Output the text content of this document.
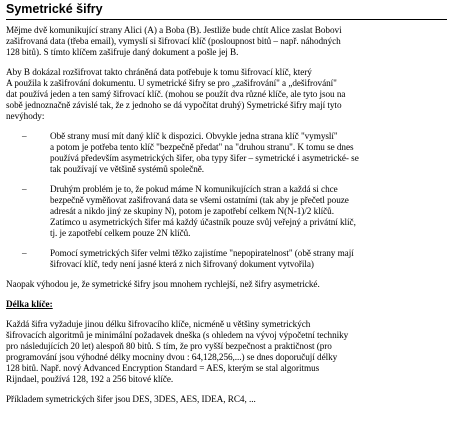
Symetrické šifry
Mějme dvě komunikující strany Alici (A) a Boba (B). Jestliže bude chtít Alice zaslat Bobovi
zašifrovaná data (třeba email), vymyslí si šifrovací klíč (posloupnost bitů – např. náhodných
128 bitů). S tímto klíčem zašifruje daný dokument a pošle jej B.
Aby B dokázal rozšifrovat takto chráněná data potřebuje k tomu šifrovací klíč, který
A použila k zašifrování dokumentu. U symetrické šifry se pro „zašifrování" a „dešifrování"
dat používá jeden a ten samý šifrovací klíč. (mohou se použít dva různé klíče, ale tyto jsou na
sobě jednoznačně závislé tak, že z jednoho se dá vypočítat druhý) Symetrické šifry mají tyto
nevýhody:
–	Obě strany musí mít daný klíč k dispozici. Obvykle jedna strana klíč "vymyslí"
a potom je potřeba tento klíč "bezpečně předat" na "druhou stranu". K tomu se dnes
používá především asymetrických šifer, oba typy šifer – symetrické i asymetrické- se
tak používají ve většině systémů společně.
–	Druhým problém je to, že pokud máme N komunikujících stran a každá si chce
bezpečně vyměňovat zašifrovaná data se všemi ostatními (tak aby je přečetl pouze
adresát a nikdo jiný ze skupiny N), potom je zapotřebí celkem N(N-1)/2 klíčů.
Zatímco u asymetrických šifer má každý účastník pouze svůj veřejný a privátní klíč,
tj. je zapotřebí celkem pouze 2N klíčů.
–	Pomocí symetrických šifer velmi těžko zajistíme "nepopiratelnost" (obě strany mají
šifrovací klíč, tedy není jasné která z nich šifrovaný dokument vytvořila)

Naopak výhodou je, že symetrické šifry jsou mnohem rychlejší, než šifry asymetrické.

Délka klíče:

Každá šifra vyžaduje jinou délku šifrovacího klíče, nicméně u většiny symetrických
šifrovacích algoritmů je minimální požadavek dneška (s ohledem na vývoj výpočetní techniky
pro následujících 20 let) alespoň 80 bitů. S tím, že pro vyšší bezpečnost a praktičnost (pro
programování jsou výhodné délky mocniny dvou : 64,128,256,...) se dnes doporučují délky
128 bitů. Např. nový Advanced Encryption Standard = AES, kterým se stal algoritmus
Rijndael, používá 128, 192 a 256 bitové klíče.

Příkladem symetrických šifer jsou DES, 3DES, AES, IDEA, RC4, ...
